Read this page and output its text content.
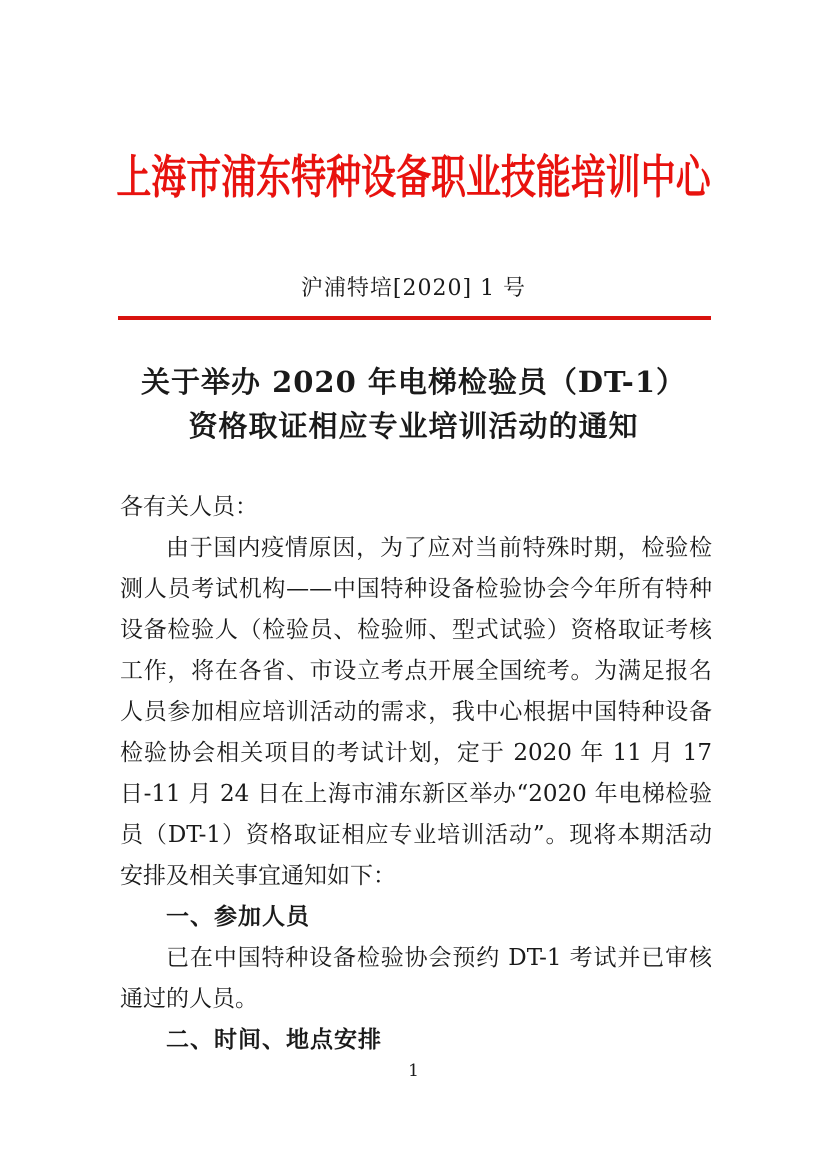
上海市浦东特种设备职业技能培训中心
沪浦特培[2020] 1 号
关于举办 2020 年电梯检验员（DT-1）
资格取证相应专业培训活动的通知

各有关人员：

由于国内疫情原因，为了应对当前特殊时期，检验检测人员考试机构——中国特种设备检验协会今年所有特种设备检验人（检验员、检验师、型式试验）资格取证考核工作，将在各省、市设立考点开展全国统考。为满足报名人员参加相应培训活动的需求，我中心根据中国特种设备检验协会相关项目的考试计划，定于 2020 年 11 月 17 日-11 月 24 日在上海市浦东新区举办“2020 年电梯检验员（DT-1）资格取证相应专业培训活动”。现将本期活动安排及相关事宜通知如下：

一、参加人员

已在中国特种设备检验协会预约 DT-1 考试并已审核通过的人员。

二、时间、地点安排
1
